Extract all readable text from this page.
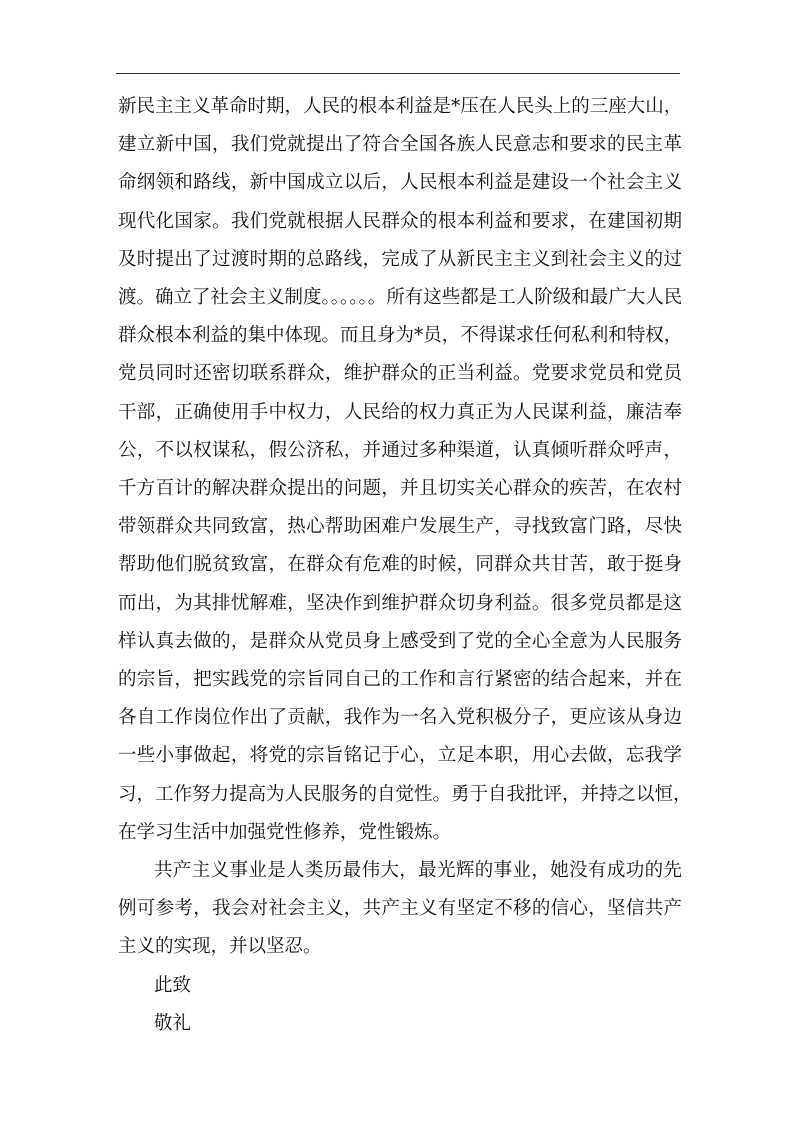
新民主主义革命时期，人民的根本利益是*压在人民头上的三座大山，
建立新中国，我们党就提出了符合全国各族人民意志和要求的民主革
命纲领和路线，新中国成立以后，人民根本利益是建设一个社会主义
现代化国家。我们党就根据人民群众的根本利益和要求，在建国初期
及时提出了过渡时期的总路线，完成了从新民主主义到社会主义的过
渡。确立了社会主义制度。。。。。。所有这些都是工人阶级和最广大人民
群众根本利益的集中体现。而且身为*员，不得谋求任何私利和特权，
党员同时还密切联系群众，维护群众的正当利益。党要求党员和党员
干部，正确使用手中权力，人民给的权力真正为人民谋利益，廉洁奉
公，不以权谋私，假公济私，并通过多种渠道，认真倾听群众呼声，
千方百计的解决群众提出的问题，并且切实关心群众的疾苦，在农村
带领群众共同致富，热心帮助困难户发展生产，寻找致富门路，尽快
帮助他们脱贫致富，在群众有危难的时候，同群众共甘苦，敢于挺身
而出，为其排忧解难，坚决作到维护群众切身利益。很多党员都是这
样认真去做的，是群众从党员身上感受到了党的全心全意为人民服务
的宗旨，把实践党的宗旨同自己的工作和言行紧密的结合起来，并在
各自工作岗位作出了贡献，我作为一名入党积极分子，更应该从身边
一些小事做起，将党的宗旨铭记于心，立足本职，用心去做，忘我学
习，工作努力提高为人民服务的自觉性。勇于自我批评，并持之以恒，
在学习生活中加强党性修养，党性锻炼。
共产主义事业是人类历最伟大，最光辉的事业，她没有成功的先
例可参考，我会对社会主义，共产主义有坚定不移的信心，坚信共产
主义的实现，并以坚忍。
此致
敬礼
